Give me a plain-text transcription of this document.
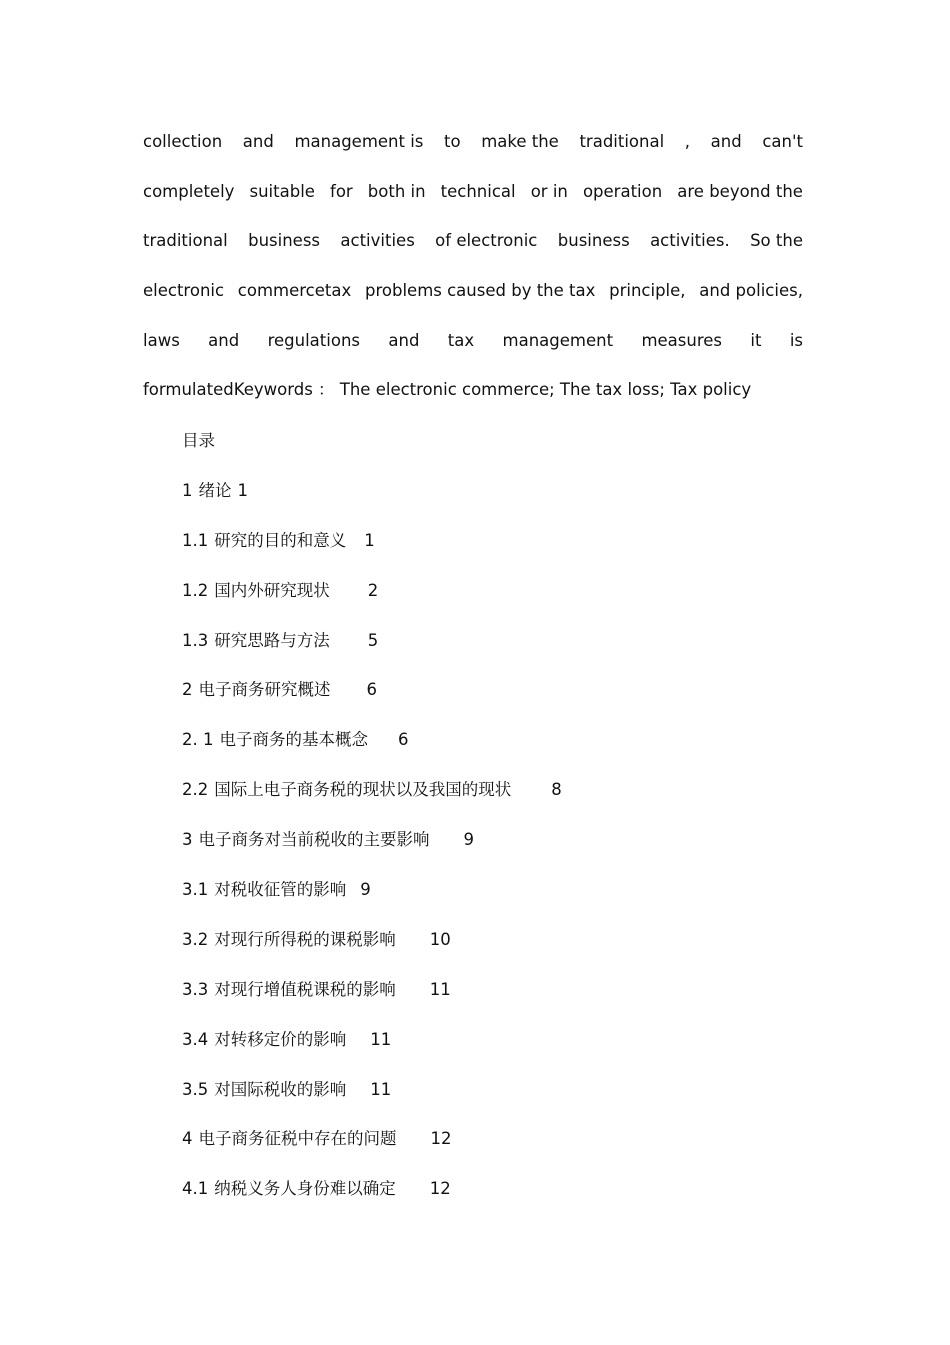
collection and management is to make the traditional , and can't
completely suitable for both in technical or in operation are beyond the
traditional business activities of electronic business activities. So the
electronic commercetax problems caused by the tax principle, and policies,
laws and regulations and tax management measures it is
formulatedKeywords ： The electronic commerce; The tax loss; Tax policy
目录
1 绪论 1
1.1 研究的目的和意义 1
1.2 国内外研究现状 2
1.3 研究思路与方法 5
2 电子商务研究概述 6
2. 1 电子商务的基本概念 6
2.2 国际上电子商务税的现状以及我国的现状 8
3 电子商务对当前税收的主要影响 9
3.1 对税收征管的影响 9
3.2 对现行所得税的课税影响 10
3.3 对现行增值税课税的影响 11
3.4 对转移定价的影响 11
3.5 对国际税收的影响 11
4 电子商务征税中存在的问题 12
4.1 纳税义务人身份难以确定 12
